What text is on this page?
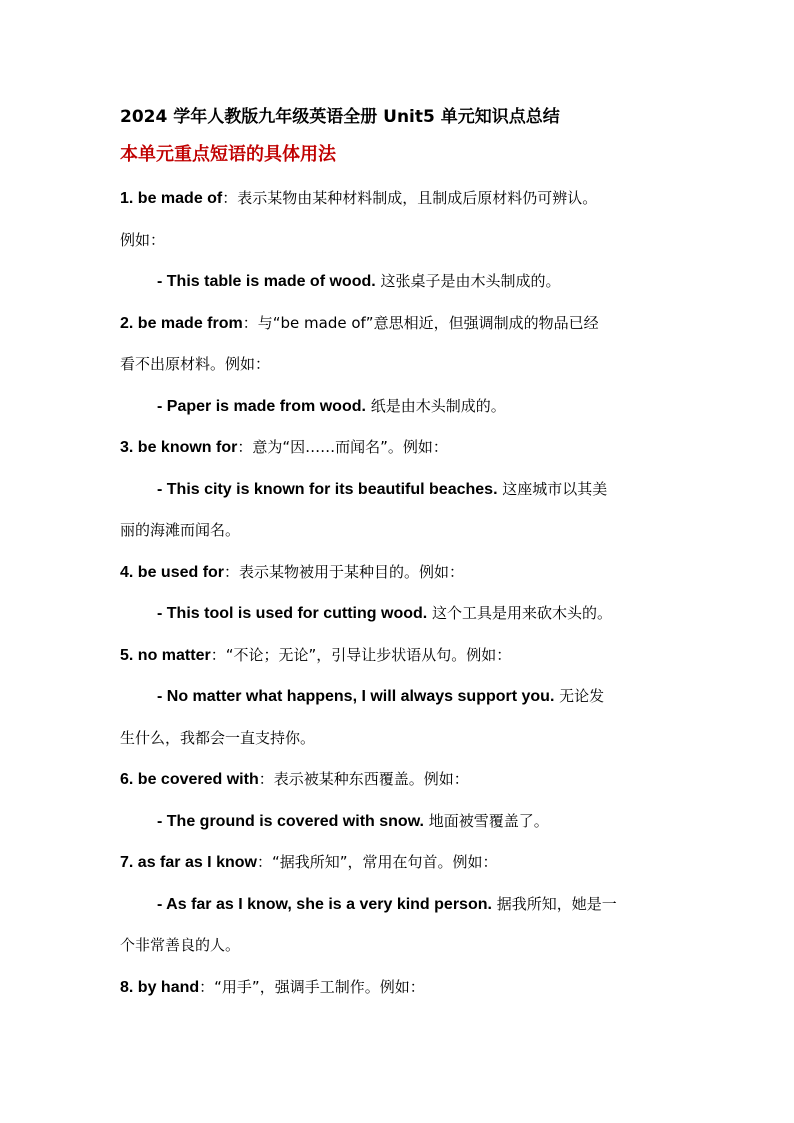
2024 学年人教版九年级英语全册 Unit5 单元知识点总结
本单元重点短语的具体用法
1. be made of：表示某物由某种材料制成，且制成后原材料仍可辨认。
例如：
- This table is made of wood. 这张桌子是由木头制成的。
2. be made from：与“be made of”意思相近，但强调制成的物品已经
看不出原材料。例如：
- Paper is made from wood. 纸是由木头制成的。
3. be known for：意为“因……而闻名”。例如：
- This city is known for its beautiful beaches. 这座城市以其美
丽的海滩而闻名。
4. be used for：表示某物被用于某种目的。例如：
- This tool is used for cutting wood. 这个工具是用来砍木头的。
5. no matter：“不论；无论”，引导让步状语从句。例如：
- No matter what happens, I will always support you. 无论发
生什么，我都会一直支持你。
6. be covered with：表示被某种东西覆盖。例如：
- The ground is covered with snow. 地面被雪覆盖了。
7. as far as I know：“据我所知”，常用在句首。例如：
- As far as I know, she is a very kind person. 据我所知，她是一
个非常善良的人。
8. by hand：“用手”，强调手工制作。例如：
